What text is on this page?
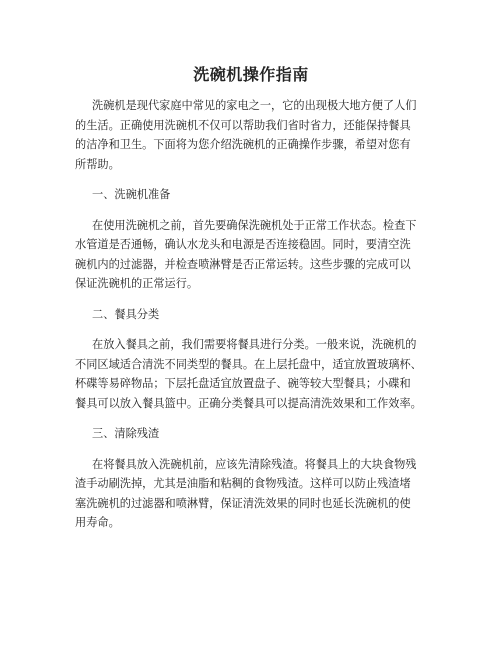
洗碗机操作指南
洗碗机是现代家庭中常见的家电之一，它的出现极大地方便了人们
的生活。正确使用洗碗机不仅可以帮助我们省时省力，还能保持餐具
的洁净和卫生。下面将为您介绍洗碗机的正确操作步骤，希望对您有
所帮助。
一、洗碗机准备
在使用洗碗机之前，首先要确保洗碗机处于正常工作状态。检查下
水管道是否通畅，确认水龙头和电源是否连接稳固。同时，要清空洗
碗机内的过滤器，并检查喷淋臂是否正常运转。这些步骤的完成可以
保证洗碗机的正常运行。
二、餐具分类
在放入餐具之前，我们需要将餐具进行分类。一般来说，洗碗机的
不同区域适合清洗不同类型的餐具。在上层托盘中，适宜放置玻璃杯、
杯碟等易碎物品；下层托盘适宜放置盘子、碗等较大型餐具；小碟和
餐具可以放入餐具篮中。正确分类餐具可以提高清洗效果和工作效率。
三、清除残渣
在将餐具放入洗碗机前，应该先清除残渣。将餐具上的大块食物残
渣手动刷洗掉，尤其是油脂和粘稠的食物残渣。这样可以防止残渣堵
塞洗碗机的过滤器和喷淋臂，保证清洗效果的同时也延长洗碗机的使
用寿命。
